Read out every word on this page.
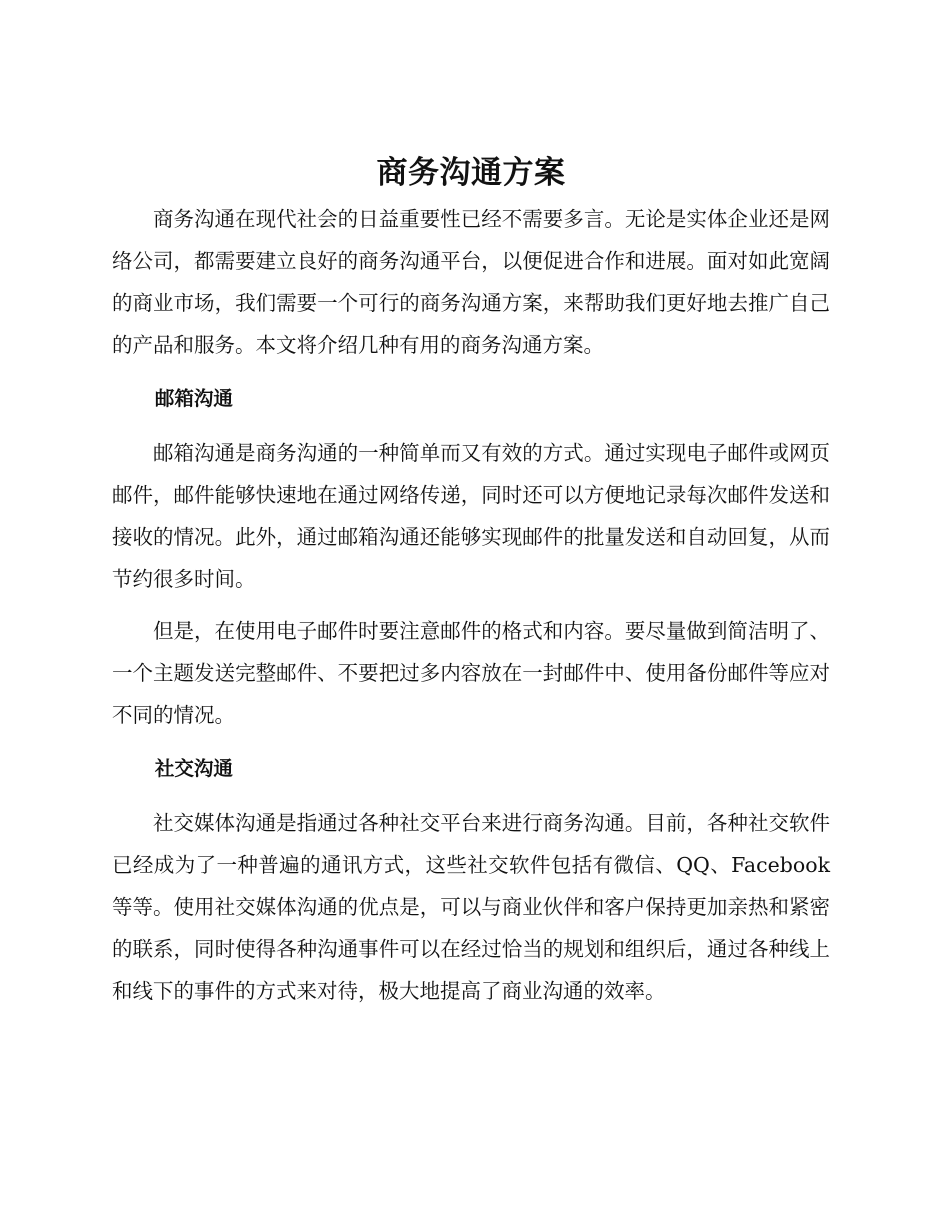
商务沟通方案

商务沟通在现代社会的日益重要性已经不需要多言。无论是实体企业还是网络公司，都需要建立良好的商务沟通平台，以便促进合作和进展。面对如此宽阔的商业市场，我们需要一个可行的商务沟通方案，来帮助我们更好地去推广自己的产品和服务。本文将介绍几种有用的商务沟通方案。

邮箱沟通

邮箱沟通是商务沟通的一种简单而又有效的方式。通过实现电子邮件或网页邮件，邮件能够快速地在通过网络传递，同时还可以方便地记录每次邮件发送和接收的情况。此外，通过邮箱沟通还能够实现邮件的批量发送和自动回复，从而节约很多时间。

但是，在使用电子邮件时要注意邮件的格式和内容。要尽量做到简洁明了、一个主题发送完整邮件、不要把过多内容放在一封邮件中、使用备份邮件等应对不同的情况。

社交沟通

社交媒体沟通是指通过各种社交平台来进行商务沟通。目前，各种社交软件已经成为了一种普遍的通讯方式，这些社交软件包括有微信、QQ、Facebook 等等。使用社交媒体沟通的优点是，可以与商业伙伴和客户保持更加亲热和紧密的联系，同时使得各种沟通事件可以在经过恰当的规划和组织后，通过各种线上和线下的事件的方式来对待，极大地提高了商业沟通的效率。
